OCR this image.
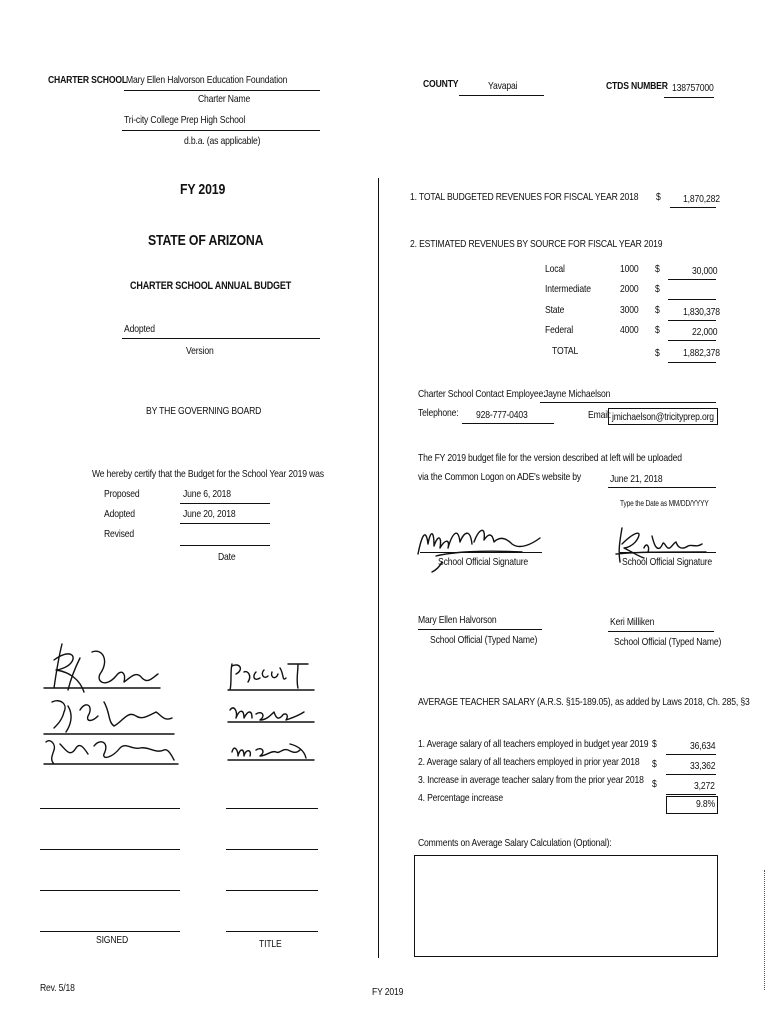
CHARTER SCHOOL
Mary Ellen Halvorson Education Foundation
Charter Name
Tri-city College Prep High School
d.b.a. (as applicable)
COUNTY	Yavapai	CTDS NUMBER 138757000
FY 2019
STATE OF ARIZONA
CHARTER SCHOOL ANNUAL BUDGET
Adopted
Version
BY THE GOVERNING BOARD
We hereby certify that the Budget for the School Year 2019 was
Proposed	June 6, 2018
Adopted	June 20, 2018
Revised
Date
SIGNED	TITLE
1. TOTAL BUDGETED REVENUES FOR FISCAL YEAR 2018 $ 1,870,282
2. ESTIMATED REVENUES BY SOURCE FOR FISCAL YEAR 2019
Local	1000 $	30,000
Intermediate	2000 $
State	3000 $ 1,830,378
Federal	4000 $	22,000
TOTAL	$ 1,882,378
Charter School Contact Employee:
Jayne Michaelson
Telephone: 928-777-0403	Email: jmichaelson@tricityprep.org
The FY 2019 budget file for the version described at left will be uploaded
via the Common Logon on ADE's website by	June 21, 2018
Type the Date as MM/DD/YYYY
School Official Signature	School Official Signature
Mary Ellen Halvorson
School Official (Typed Name)
Keri Milliken
School Official (Typed Name)
AVERAGE TEACHER SALARY (A.R.S. §15-189.05), as added by Laws 2018, Ch. 285, §3
1. Average salary of all teachers employed in budget year 2019 $	36,634
2. Average salary of all teachers employed in prior year 2018 $	33,362
3. Increase in average teacher salary from the prior year 2018 $	3,272
4. Percentage increase	9.8%
Comments on Average Salary Calculation (Optional):
Rev. 5/18	FY 2019
